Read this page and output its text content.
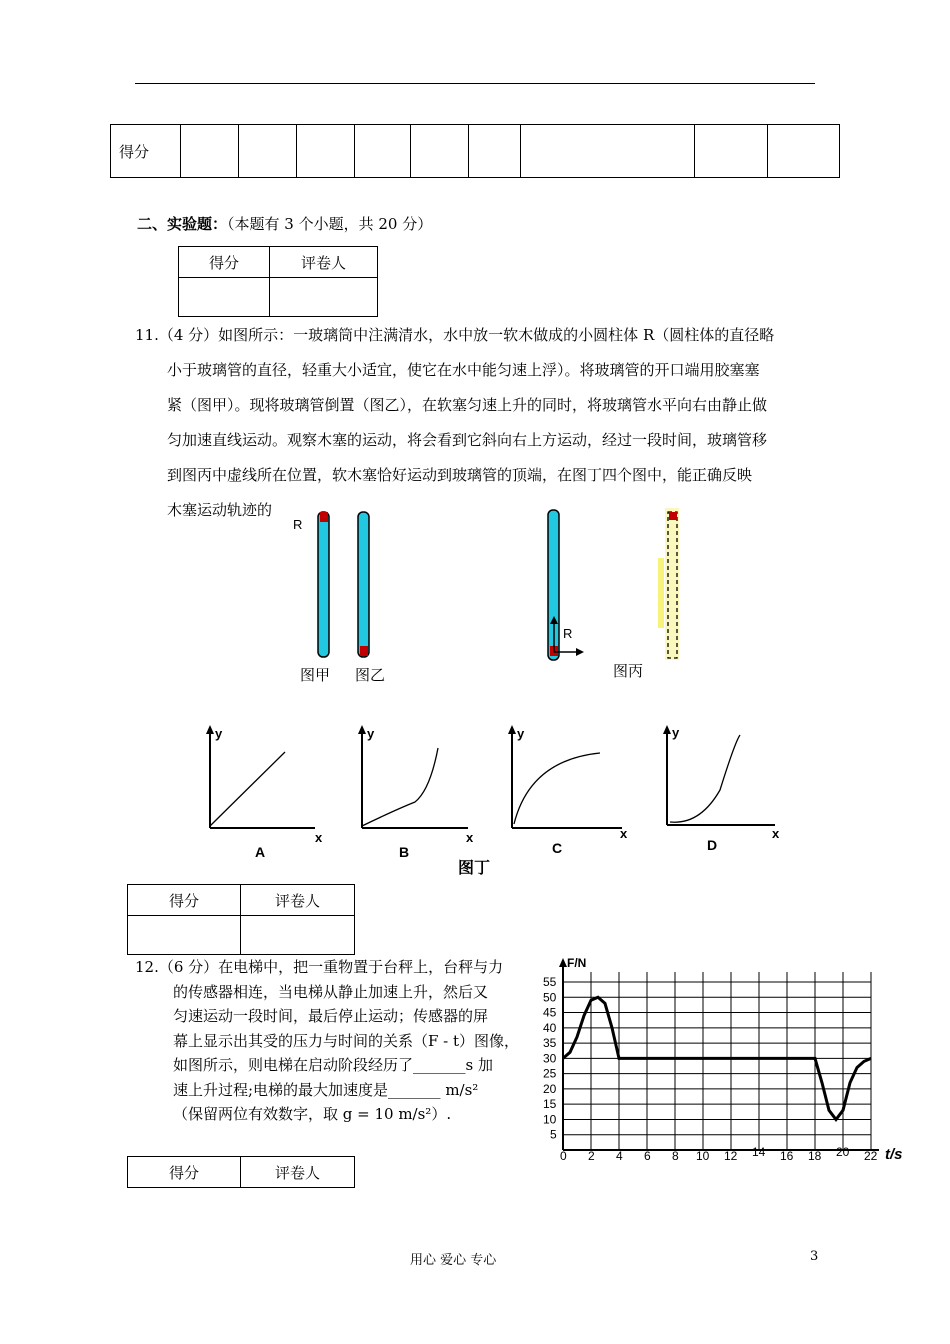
得分									
二、实验题：（本题有 3 个小题，共 20 分）
得分	评卷人

11.（4 分）如图所示：一玻璃筒中注满清水，水中放一软木做成的小圆柱体 R（圆柱体的直径略
小于玻璃管的直径，轻重大小适宜，使它在水中能匀速上浮）。将玻璃管的开口端用胶塞塞
紧（图甲）。现将玻璃管倒置（图乙），在软塞匀速上升的同时，将玻璃管水平向右由静止做
匀加速直线运动。观察木塞的运动，将会看到它斜向右上方运动，经过一段时间，玻璃管移
到图丙中虚线所在位置，软木塞恰好运动到玻璃管的顶端，在图丁四个图中，能正确反映
木塞运动轨迹的
R
图甲 图乙
R
图丙
y
x
A
y
x
B
y
x
C
y
x
D
图丁
得分	评卷人

12.（6 分）在电梯中，把一重物置于台秤上，台秤与力
的传感器相连，当电梯从静止加速上升，然后又
匀速运动一段时间，最后停止运动；传感器的屏
幕上显示出其受的压力与时间的关系（F - t）图像，
如图所示，则电梯在启动阶段经历了_______s 加
速上升过程;电梯的最大加速度是_______ m/s²
（保留两位有效数字，取 g = 10 m/s²）.
0 2 4 6 8 10 12 14 16 18 20 22
5
10
15
20
25
30
35
40
45
50
55
F/N
t/s
得分	评卷人
用心 爱心 专心	3
